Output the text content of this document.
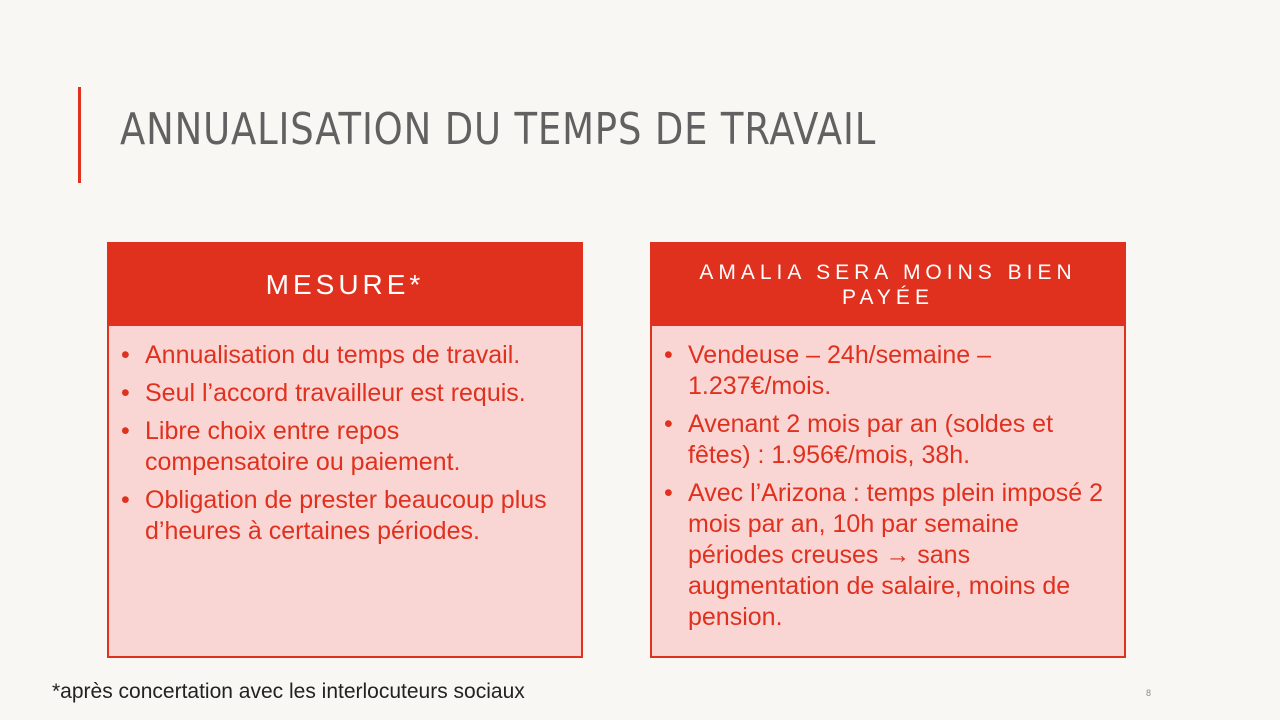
ANNUALISATION DU TEMPS DE TRAVAIL
MESURE*
• Annualisation du temps de travail.
• Seul l’accord travailleur est requis.
• Libre choix entre repos compensatoire ou paiement.
• Obligation de prester beaucoup plus d’heures à certaines périodes.
AMALIA SERA MOINS BIEN PAYÉE
• Vendeuse – 24h/semaine – 1.237€/mois.
• Avenant 2 mois par an (soldes et fêtes) : 1.956€/mois, 38h.
• Avec l’Arizona : temps plein imposé 2 mois par an, 10h par semaine périodes creuses → sans augmentation de salaire, moins de pension.
*après concertation avec les interlocuteurs sociaux	8
